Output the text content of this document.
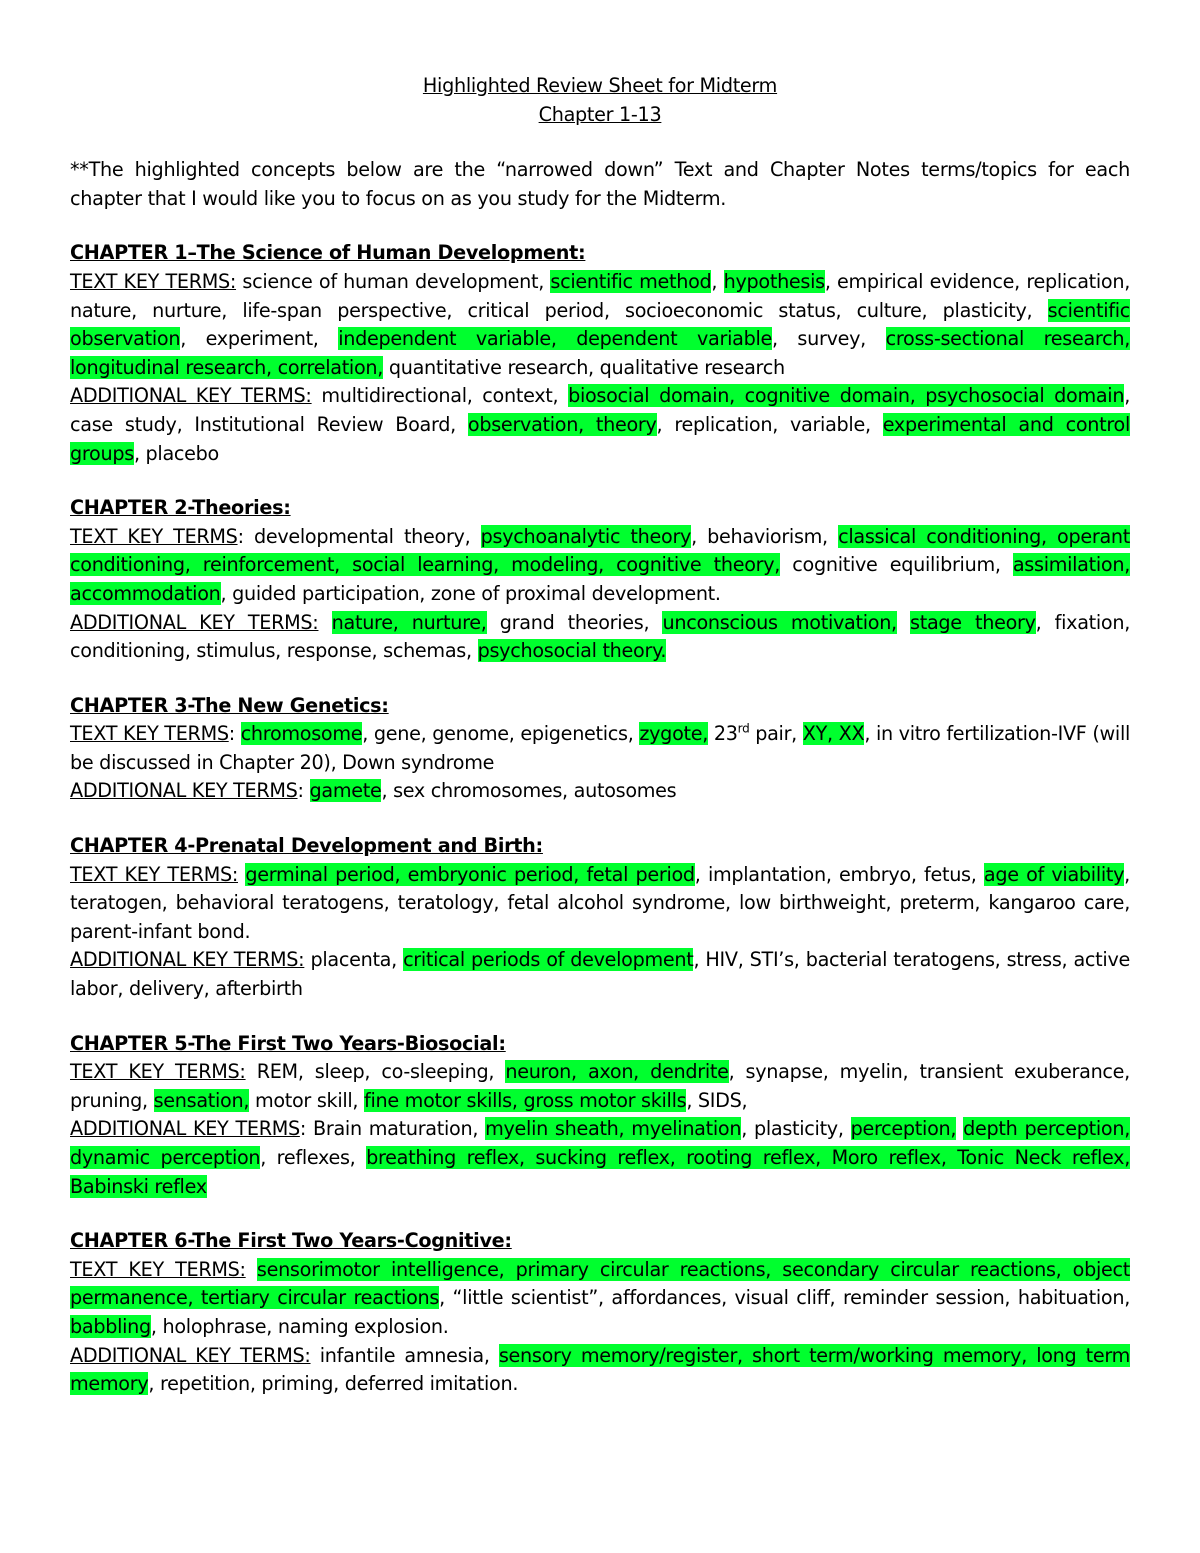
Highlighted Review Sheet for Midterm

Chapter 1-13

**The highlighted concepts below are the “narrowed down” Text and Chapter Notes terms/topics for each chapter that I would like you to focus on as you study for the Midterm.
CHAPTER 1–The Science of Human Development:
TEXT KEY TERMS: science of human development, scientific method, hypothesis, empirical evidence, replication, nature, nurture, life-span perspective, critical period, socioeconomic status, culture, plasticity, scientific observation, experiment, independent variable, dependent variable, survey, cross-sectional research, longitudinal research, correlation, quantitative research, qualitative research
ADDITIONAL KEY TERMS: multidirectional, context, biosocial domain, cognitive domain, psychosocial domain, case study, Institutional Review Board, observation, theory, replication, variable, experimental and control groups, placebo
CHAPTER 2-Theories:
TEXT KEY TERMS: developmental theory, psychoanalytic theory, behaviorism, classical conditioning, operant conditioning, reinforcement, social learning, modeling, cognitive theory, cognitive equilibrium, assimilation, accommodation, guided participation, zone of proximal development.
ADDITIONAL KEY TERMS: nature, nurture, grand theories, unconscious motivation, stage theory, fixation, conditioning, stimulus, response, schemas, psychosocial theory.
CHAPTER 3-The New Genetics:
TEXT KEY TERMS: chromosome, gene, genome, epigenetics, zygote, 23rd pair, XY, XX, in vitro fertilization-IVF (will be discussed in Chapter 20), Down syndrome
ADDITIONAL KEY TERMS: gamete, sex chromosomes, autosomes
CHAPTER 4-Prenatal Development and Birth:
TEXT KEY TERMS: germinal period, embryonic period, fetal period, implantation, embryo, fetus, age of viability, teratogen, behavioral teratogens, teratology, fetal alcohol syndrome, low birthweight, preterm, kangaroo care, parent-infant bond.
ADDITIONAL KEY TERMS: placenta, critical periods of development, HIV, STI’s, bacterial teratogens, stress, active labor, delivery, afterbirth
CHAPTER 5-The First Two Years-Biosocial:
TEXT KEY TERMS: REM, sleep, co-sleeping, neuron, axon, dendrite, synapse, myelin, transient exuberance, pruning, sensation, motor skill, fine motor skills, gross motor skills, SIDS,
ADDITIONAL KEY TERMS: Brain maturation, myelin sheath, myelination, plasticity, perception, depth perception, dynamic perception, reflexes, breathing reflex, sucking reflex, rooting reflex, Moro reflex, Tonic Neck reflex, Babinski reflex
CHAPTER 6-The First Two Years-Cognitive:
TEXT KEY TERMS: sensorimotor intelligence, primary circular reactions, secondary circular reactions, object permanence, tertiary circular reactions, “little scientist”, affordances, visual cliff, reminder session, habituation, babbling, holophrase, naming explosion.
ADDITIONAL KEY TERMS: infantile amnesia, sensory memory/register, short term/working memory, long term memory, repetition, priming, deferred imitation.
